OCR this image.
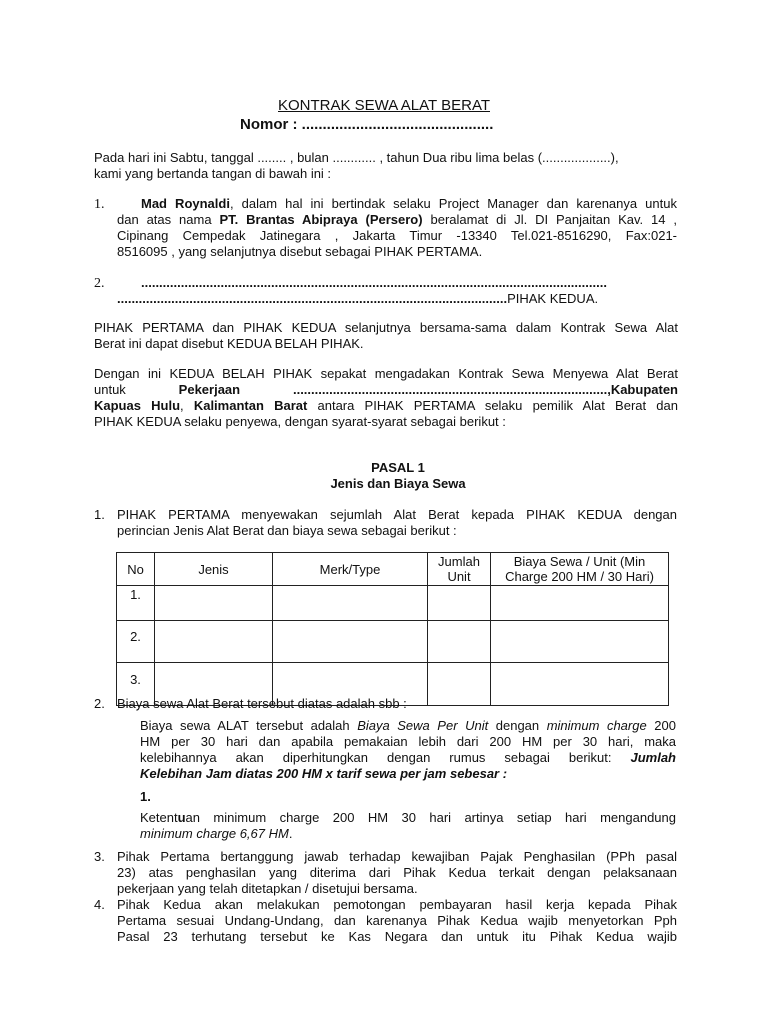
KONTRAK SEWA ALAT BERAT
Nomor : ..............................................
Pada hari ini Sabtu, tanggal ........ , bulan ............ , tahun Dua ribu lima belas (...................),
kami yang bertanda tangan di bawah ini :
1.	Mad Roynaldi, dalam hal ini bertindak selaku Project Manager dan karenanya untuk
dan atas nama PT. Brantas Abipraya (Persero) beralamat di Jl. DI Panjaitan Kav. 14 ,
Cipinang Cempedak Jatinegara , Jakarta Timur -13340 Tel.021-8516290, Fax:021-
8516095 , yang selanjutnya disebut sebagai PIHAK PERTAMA.
2.	.................................................................................................................................
............................................................................................................PIHAK KEDUA.
PIHAK PERTAMA dan PIHAK KEDUA selanjutnya bersama-sama dalam Kontrak Sewa Alat
Berat ini dapat disebut KEDUA BELAH PIHAK.
Dengan ini KEDUA BELAH PIHAK sepakat mengadakan Kontrak Sewa Menyewa Alat Berat
untuk	Pekerjaan	.......................................................................................,Kabupaten
Kapuas Hulu, Kalimantan Barat antara PIHAK PERTAMA selaku pemilik Alat Berat dan
PIHAK KEDUA selaku penyewa, dengan syarat-syarat sebagai berikut :
PASAL 1
Jenis dan Biaya Sewa
1. PIHAK PERTAMA menyewakan sejumlah Alat Berat kepada PIHAK KEDUA dengan
perincian Jenis Alat Berat dan biaya sewa sebagai berikut :
No	Jenis	Merk/Type	Jumlah Unit	Biaya Sewa / Unit (Min Charge 200 HM / 30 Hari)
1.				
2.				
3.				
2. Biaya sewa Alat Berat tersebut diatas adalah sbb :
Biaya sewa ALAT tersebut adalah Biaya Sewa Per Unit dengan minimum charge 200
HM per 30 hari dan apabila pemakaian lebih dari 200 HM per 30 hari, maka
kelebihannya akan diperhitungkan dengan rumus sebagai berikut: Jumlah
Kelebihan Jam diatas 200 HM x tarif sewa per jam sebesar :
1.
Ketentuan minimum charge 200 HM 30 hari artinya setiap hari mengandung
minimum charge 6,67 HM.
3. Pihak Pertama bertanggung jawab terhadap kewajiban Pajak Penghasilan (PPh pasal
23) atas penghasilan yang diterima dari Pihak Kedua terkait dengan pelaksanaan
pekerjaan yang telah ditetapkan / disetujui bersama.
4. Pihak Kedua akan melakukan pemotongan pembayaran hasil kerja kepada Pihak
Pertama sesuai Undang-Undang, dan karenanya Pihak Kedua wajib menyetorkan Pph
Pasal 23 terhutang tersebut ke Kas Negara dan untuk itu Pihak Kedua wajib
